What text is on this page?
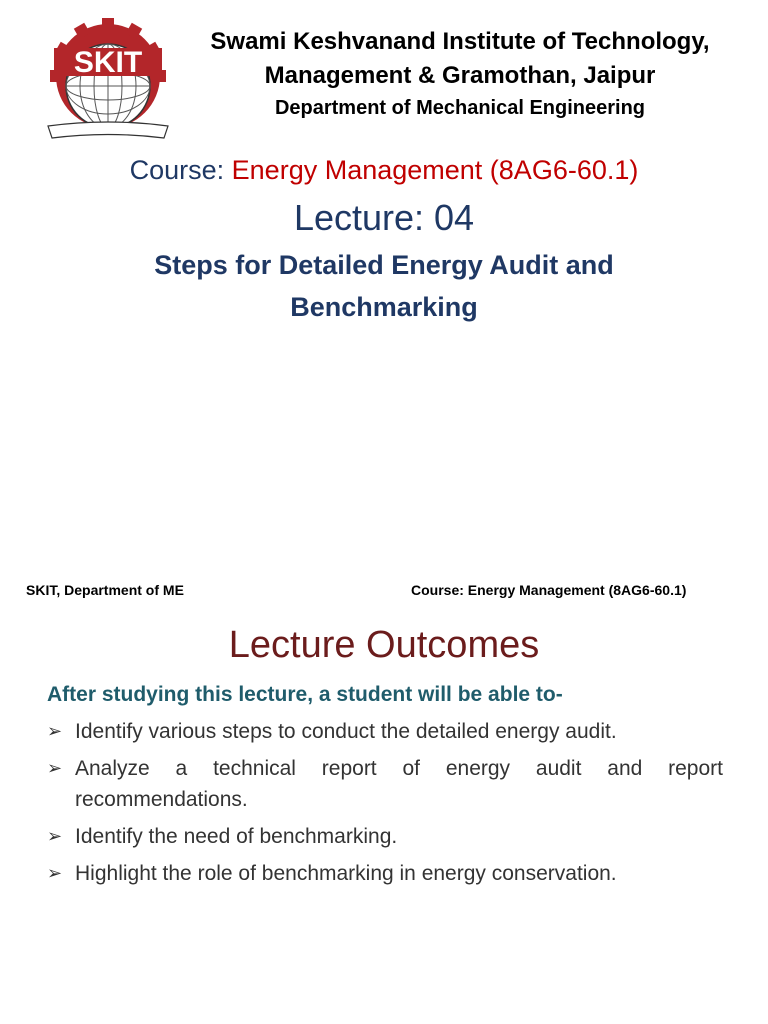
SKIT
Swami Keshvanand Institute of Technology,
Management & Gramothan, Jaipur
Department of Mechanical Engineering
Course: Energy Management (8AG6-60.1)
Lecture: 04
Steps for Detailed Energy Audit and
Benchmarking
SKIT, Department of ME	Course: Energy Management (8AG6-60.1)
Lecture Outcomes
After studying this lecture, a student will be able to-
➢ Identify various steps to conduct the detailed energy audit.
➢ Analyze a technical report of energy audit and report recommendations.
➢ Identify the need of benchmarking.
➢ Highlight the role of benchmarking in energy conservation.
